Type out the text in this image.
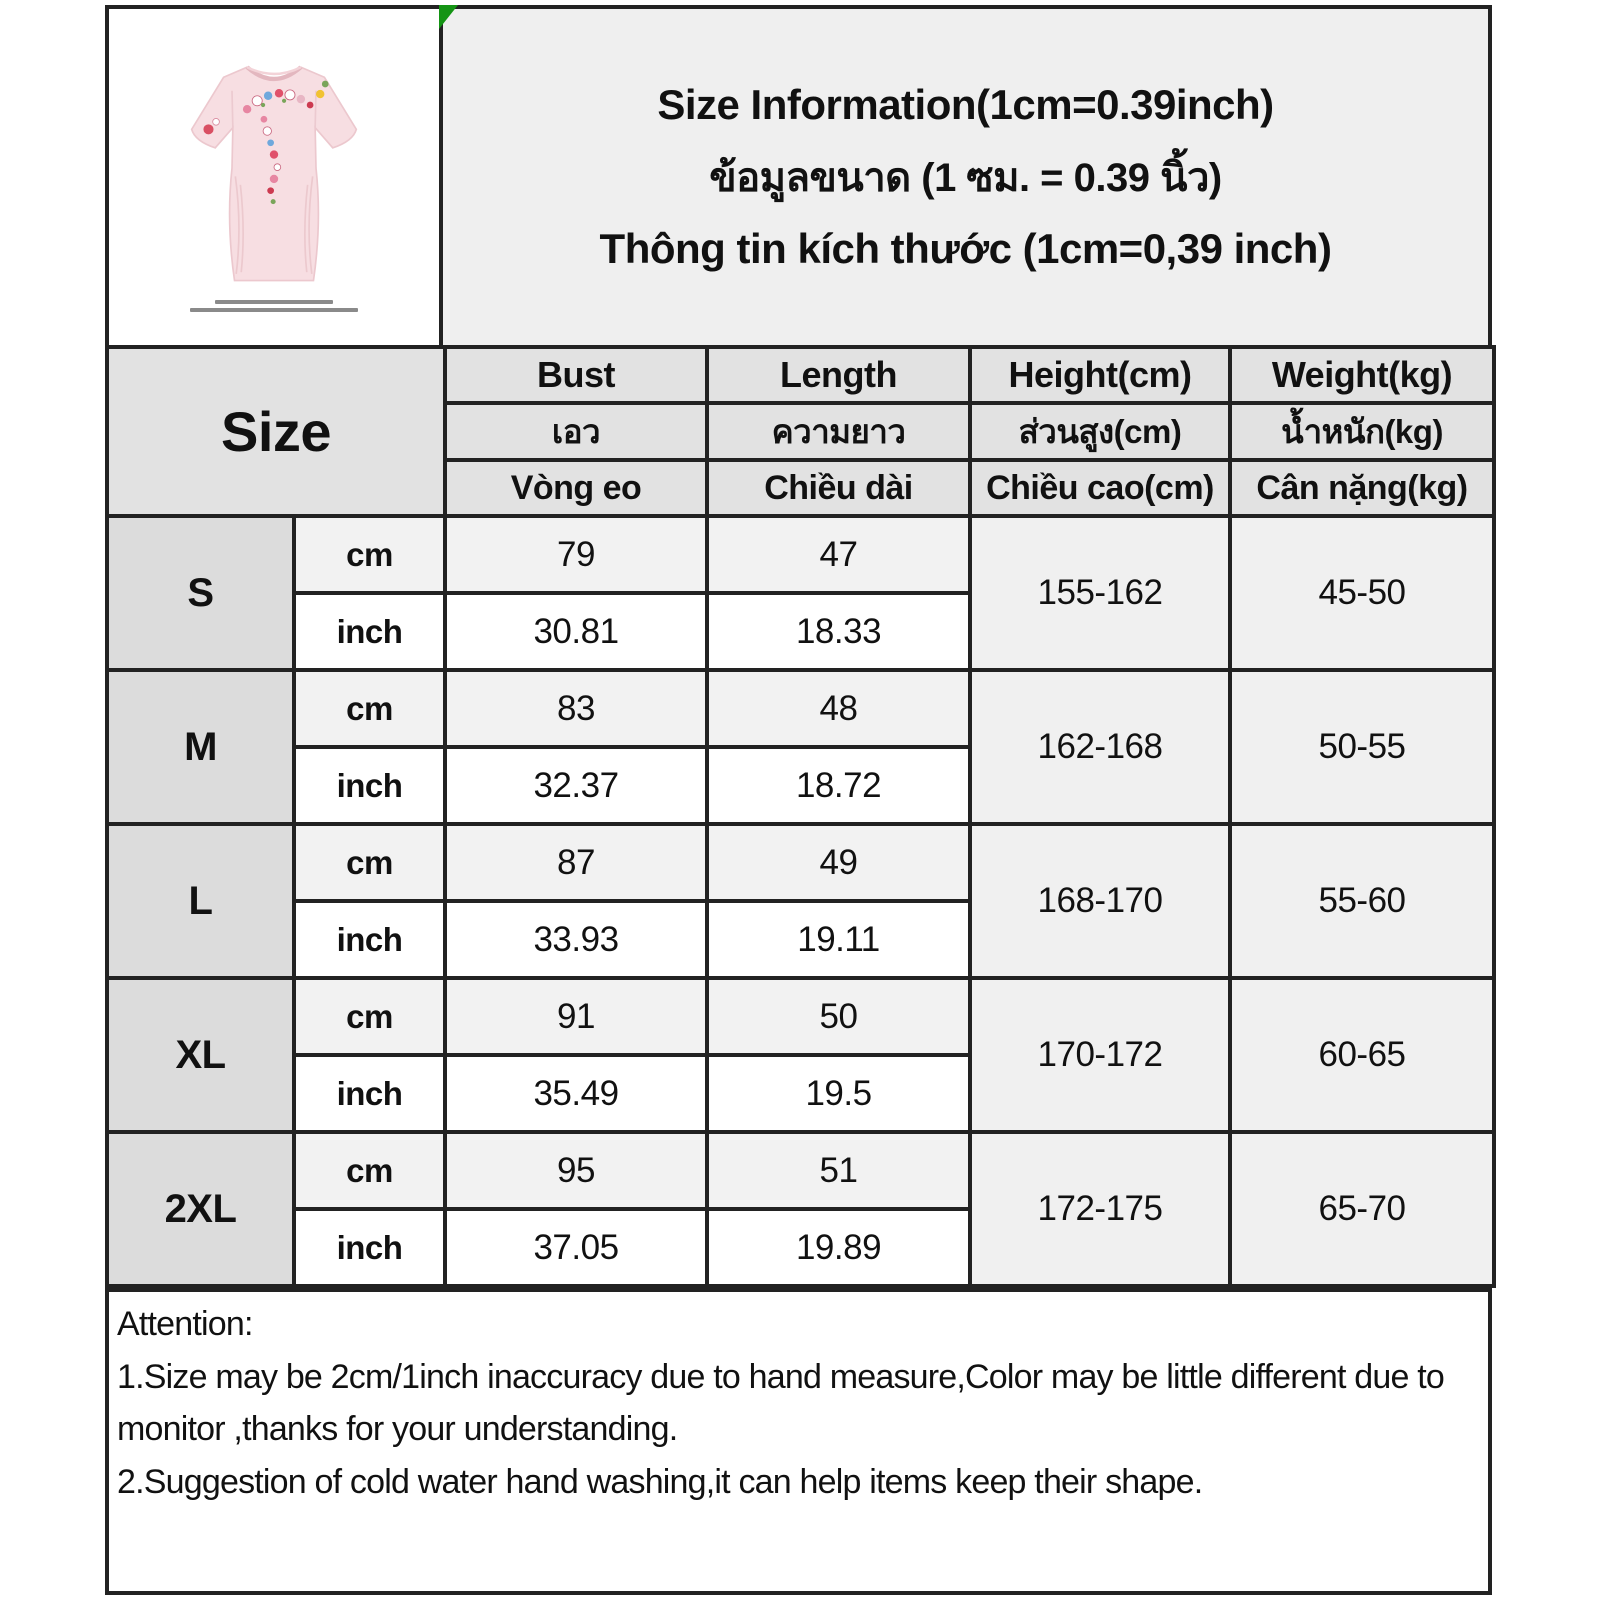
Size Information(1cm=0.39inch)
ข้อมูลขนาด (1 ซม. = 0.39 นิ้ว)
Thông tin kích thước (1cm=0,39 inch)
Size		Bust	Length	Height(cm)	Weight(kg)
		เอว	ความยาว	ส่วนสูง(cm)	น้ำหนัก(kg)
		Vòng eo	Chiều dài	Chiều cao(cm)	Cân nặng(kg)
S	cm	79	47	155-162	45-50
	inch	30.81	18.33		
M	cm	83	48	162-168	50-55
	inch	32.37	18.72		
L	cm	87	49	168-170	55-60
	inch	33.93	19.11		
XL	cm	91	50	170-172	60-65
	inch	35.49	19.5		
2XL	cm	95	51	172-175	65-70
	inch	37.05	19.89		
Attention:
1.Size may be 2cm/1inch inaccuracy due to hand measure,Color may be little different due to monitor ,thanks for your understanding.
2.Suggestion of cold water hand washing,it can help items keep their shape.
